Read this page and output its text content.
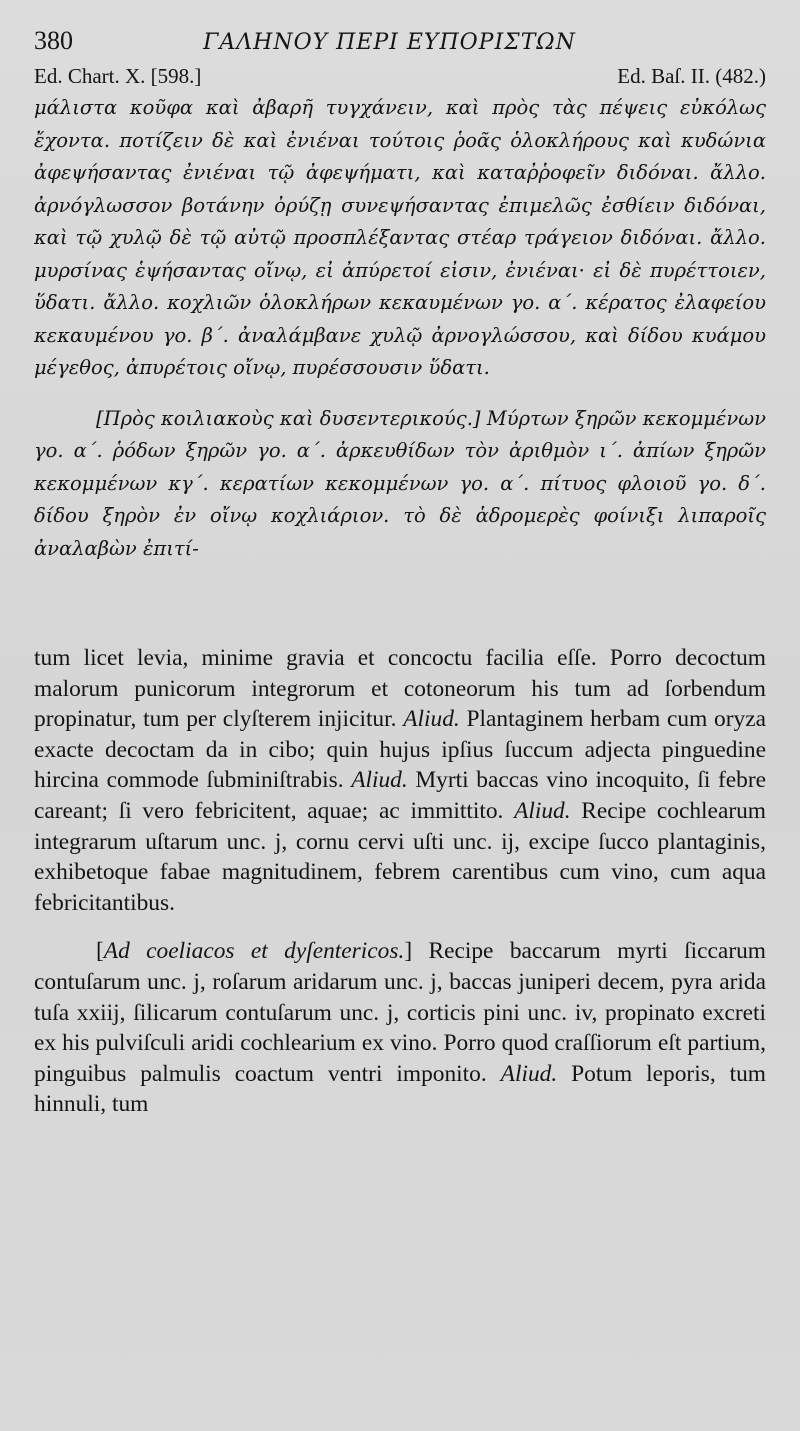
380	ΓΑΛΗΝΟΥ ΠΕΡΙ ΕΥΠΟΡΙΣΤΩΝ
Ed. Chart. X. [598.]	Ed. Baſ. II. (482.)

μάλιστα κοῦφα καὶ ἀβαρῆ τυγχάνειν, καὶ πρὸς τὰς πέψεις εὐκόλως ἔχοντα. ποτίζειν δὲ καὶ ἐνιέναι τούτοις ῥοᾶς ὁλοκλήρους καὶ κυδώνια ἀφεψήσαντας ἐνιέναι τῷ ἀφεψήματι, καὶ καταῤῥοφεῖν διδόναι. ἄλλο. ἀρνόγλωσσον βοτάνην ὀρύζῃ συνεψήσαντας ἐπιμελῶς ἐσθίειν διδόναι, καὶ τῷ χυλῷ δὲ τῷ αὐτῷ προσπλέξαντας στέαρ τράγειον διδόναι. ἄλλο. μυρσίνας ἑψήσαντας οἴνῳ, εἰ ἀπύρετοί εἰσιν, ἐνιέναι· εἰ δὲ πυρέττοιεν, ὕδατι. ἄλλο. κοχλιῶν ὁλοκλήρων κεκαυμένων γο. α΄. κέρατος ἐλαφείου κεκαυμένου γο. β΄. ἀναλάμβανε χυλῷ ἀρνογλώσσου, καὶ δίδου κυάμου μέγεθος, ἀπυρέτοις οἴνῳ, πυρέσσουσιν ὕδατι.

[Πρὸς κοιλιακοὺς καὶ δυσεντερικούς.] Μύρτων ξηρῶν κεκομμένων γο. α΄. ῥόδων ξηρῶν γο. α΄. ἀρκευθίδων τὸν ἀριθμὸν ι΄. ἀπίων ξηρῶν κεκομμένων κγ΄. κερατίων κεκομμένων γο. α΄. πίτυος φλοιοῦ γο. δ΄. δίδου ξηρὸν ἐν οἴνῳ κοχλιάριον. τὸ δὲ ἁδρομερὲς φοίνιξι λιπαροῖς ἀναλαβὼν ἐπιτί-

tum licet levia, minime gravia et concoctu facilia eſſe. Porro decoctum malorum punicorum integrorum et cotoneorum his tum ad ſorbendum propinatur, tum per clyſterem injicitur. Aliud. Plantaginem herbam cum oryza exacte decoctam da in cibo; quin hujus ipſius ſuccum adjecta pinguedine hircina commode ſubminiſtrabis. Aliud. Myrti baccas vino incoquito, ſi febre careant; ſi vero febricitent, aquae; ac immittito. Aliud. Recipe cochlearum integrarum uſtarum unc. j, cornu cervi uſti unc. ij, excipe ſucco plantaginis, exhibetoque fabae magnitudinem, febrem carentibus cum vino, cum aqua febricitantibus.

[Ad coeliacos et dyſentericos.] Recipe baccarum myrti ſiccarum contuſarum unc. j, roſarum aridarum unc. j, baccas juniperi decem, pyra arida tuſa xxiij, ſilicarum contuſarum unc. j, corticis pini unc. iv, propinato excreti ex his pulviſculi aridi cochlearium ex vino. Porro quod craſſiorum eſt partium, pinguibus palmulis coactum ventri imponito. Aliud. Potum leporis, tum hinnuli, tum
